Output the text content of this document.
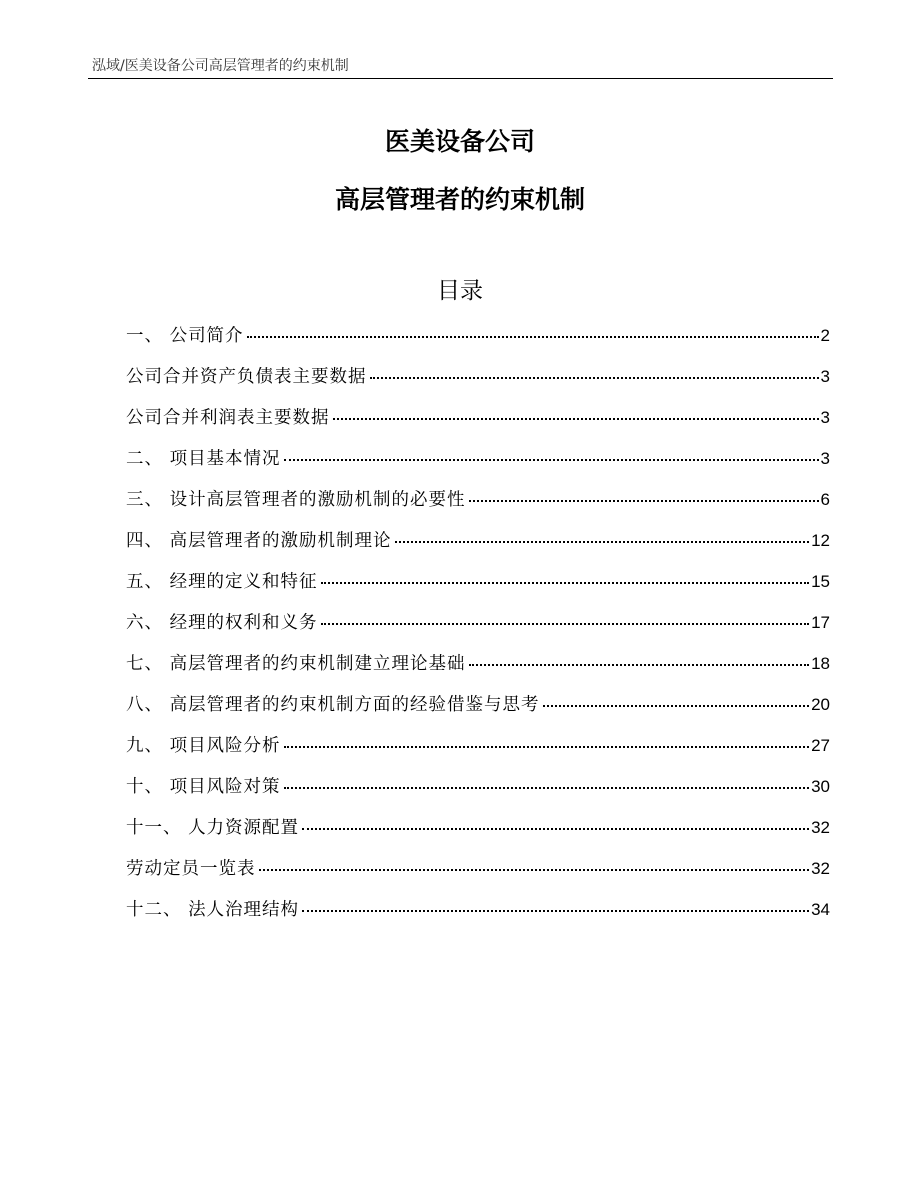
泓域/医美设备公司高层管理者的约束机制
医美设备公司
高层管理者的约束机制
目录
一、 公司简介	2
公司合并资产负债表主要数据	3
公司合并利润表主要数据	3
二、 项目基本情况	3
三、 设计高层管理者的激励机制的必要性	6
四、 高层管理者的激励机制理论	12
五、 经理的定义和特征	15
六、 经理的权利和义务	17
七、 高层管理者的约束机制建立理论基础	18
八、 高层管理者的约束机制方面的经验借鉴与思考	20
九、 项目风险分析	27
十、 项目风险对策	30
十一、 人力资源配置	32
劳动定员一览表	32
十二、 法人治理结构	34
